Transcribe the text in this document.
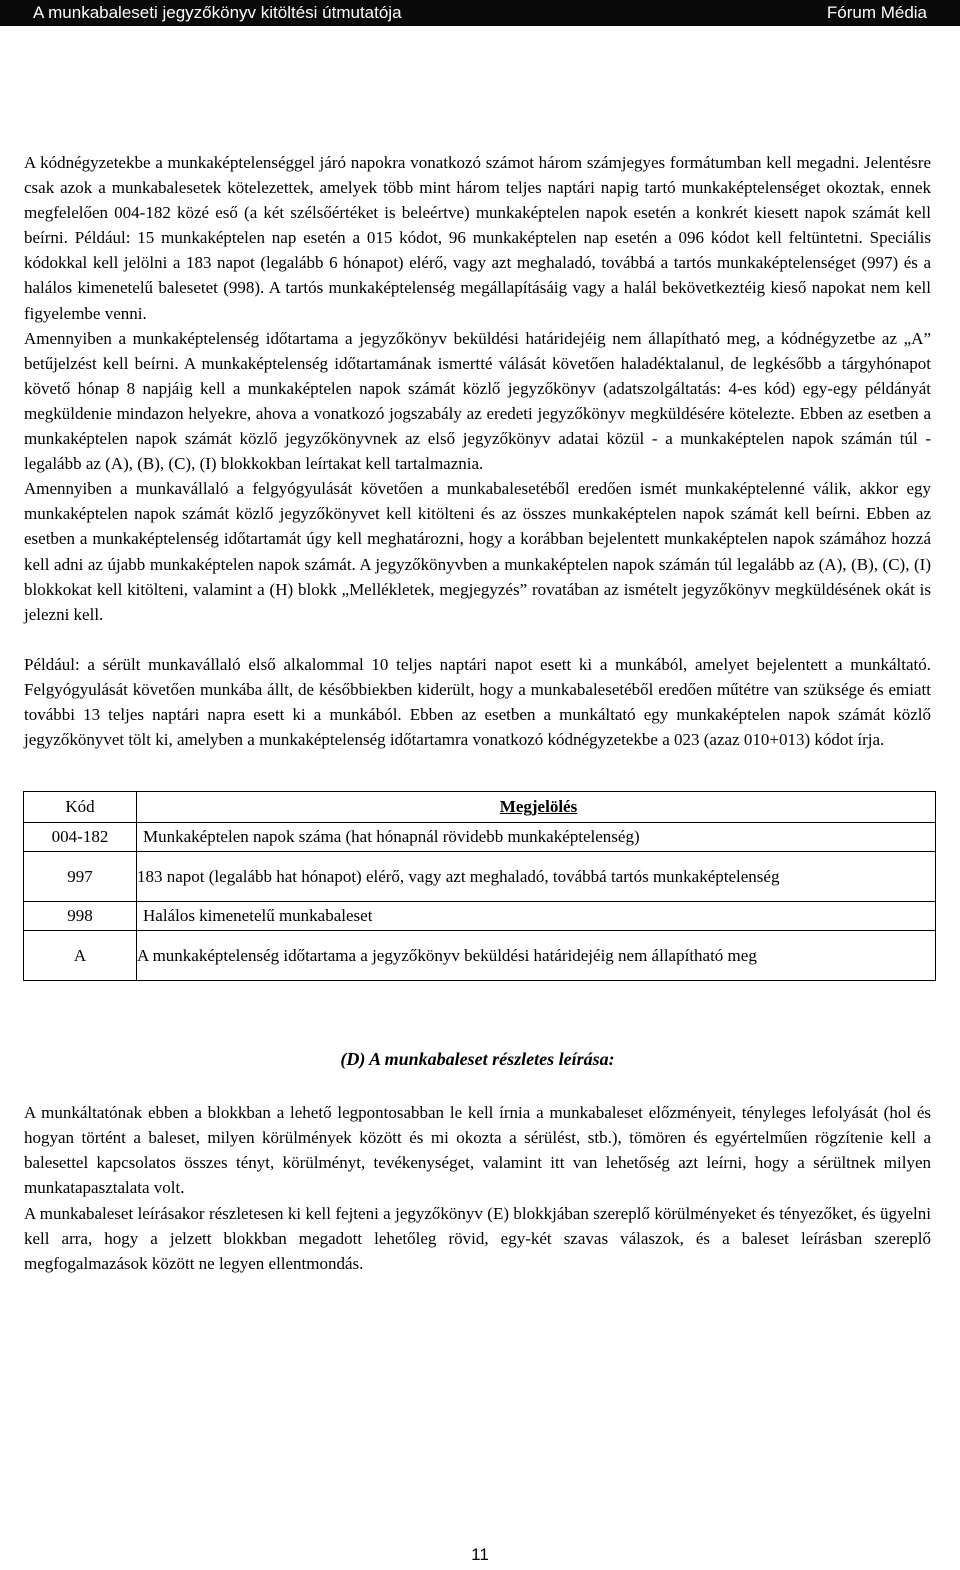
A munkabaleseti jegyzőkönyv kitöltési útmutatója	Fórum Média

A kódnégyzetekbe a munkaképtelenséggel járó napokra vonatkozó számot három számjegyes formátumban kell megadni. Jelentésre csak azok a munkabalesetek kötelezettek, amelyek több mint három teljes naptári napig tartó munkaképtelenséget okoztak, ennek megfelelően 004-182 közé eső (a két szélsőértéket is beleértve) munkaképtelen napok esetén a konkrét kiesett napok számát kell beírni. Például: 15 munkaképtelen nap esetén a 015 kódot, 96 munkaképtelen nap esetén a 096 kódot kell feltüntetni. Speciális kódokkal kell jelölni a 183 napot (legalább 6 hónapot) elérő, vagy azt meghaladó, továbbá a tartós munkaképtelenséget (997) és a halálos kimenetelű balesetet (998). A tartós munkaképtelenség megállapításáig vagy a halál bekövetkeztéig kieső napokat nem kell figyelembe venni.

Amennyiben a munkaképtelenség időtartama a jegyzőkönyv beküldési határidejéig nem állapítható meg, a kódnégyzetbe az „A” betűjelzést kell beírni. A munkaképtelenség időtartamának ismertté válását követően haladéktalanul, de legkésőbb a tárgyhónapot követő hónap 8 napjáig kell a munkaképtelen napok számát közlő jegyzőkönyv (adatszolgáltatás: 4-es kód) egy-egy példányát megküldenie mindazon helyekre, ahova a vonatkozó jogszabály az eredeti jegyzőkönyv megküldésére kötelezte. Ebben az esetben a munkaképtelen napok számát közlő jegyzőkönyvnek az első jegyzőkönyv adatai közül - a munkaképtelen napok számán túl - legalább az (A), (B), (C), (I) blokkokban leírtakat kell tartalmaznia.

Amennyiben a munkavállaló a felgyógyulását követően a munkabalesetéből eredően ismét munkaképtelenné válik, akkor egy munkaképtelen napok számát közlő jegyzőkönyvet kell kitölteni és az összes munkaképtelen napok számát kell beírni. Ebben az esetben a munkaképtelenség időtartamát úgy kell meghatározni, hogy a korábban bejelentett munkaképtelen napok számához hozzá kell adni az újabb munkaképtelen napok számát. A jegyzőkönyvben a munkaképtelen napok számán túl legalább az (A), (B), (C), (I) blokkokat kell kitölteni, valamint a (H) blokk „Mellékletek, megjegyzés” rovatában az ismételt jegyzőkönyv megküldésének okát is jelezni kell.

Például: a sérült munkavállaló első alkalommal 10 teljes naptári napot esett ki a munkából, amelyet bejelentett a munkáltató. Felgyógyulását követően munkába állt, de későbbiekben kiderült, hogy a munkabalesetéből eredően műtétre van szüksége és emiatt további 13 teljes naptári napra esett ki a munkából. Ebben az esetben a munkáltató egy munkaképtelen napok számát közlő jegyzőkönyvet tölt ki, amelyben a munkaképtelenség időtartamra vonatkozó kódnégyzetekbe a 023 (azaz 010+013) kódot írja.

Kód	Megjelölés
004-182	Munkaképtelen napok száma (hat hónapnál rövidebb munkaképtelenség)
997	183 napot (legalább hat hónapot) elérő, vagy azt meghaladó, továbbá tartós munkaképtelenség
998	Halálos kimenetelű munkabaleset
A	A munkaképtelenség időtartama a jegyzőkönyv beküldési határidejéig nem állapítható meg
(D) A munkabaleset részletes leírása:

A munkáltatónak ebben a blokkban a lehető legpontosabban le kell írnia a munkabaleset előzményeit, tényleges lefolyását (hol és hogyan történt a baleset, milyen körülmények között és mi okozta a sérülést, stb.), tömören és egyértelműen rögzítenie kell a balesettel kapcsolatos összes tényt, körülményt, tevékenységet, valamint itt van lehetőség azt leírni, hogy a sérültnek milyen munkatapasztalata volt.

A munkabaleset leírásakor részletesen ki kell fejteni a jegyzőkönyv (E) blokkjában szereplő körülményeket és tényezőket, és ügyelni kell arra, hogy a jelzett blokkban megadott lehetőleg rövid, egy-két szavas válaszok, és a baleset leírásban szereplő megfogalmazások között ne legyen ellentmondás.

11
